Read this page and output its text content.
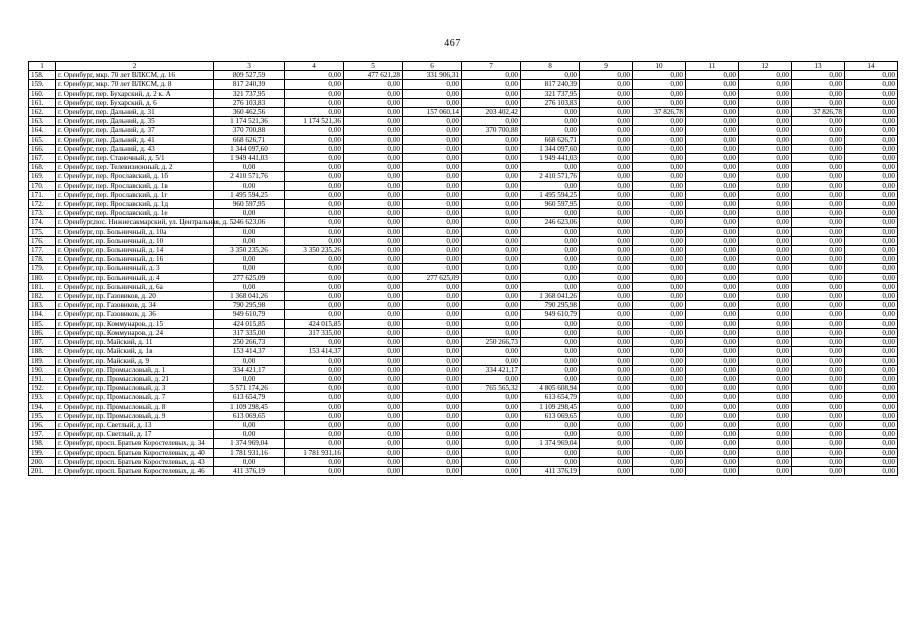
467
1	2	3	4	5	6	7	8	9	10	11	12	13	14
158.	г. Оренбург, мкр. 70 лет ВЛКСМ, д. 16	809 527,59	0,00	477 621,28	331 906,31	0,00	0,00	0,00	0,00	0,00	0,00	0,00	0,00
159.	г. Оренбург, мкр. 70 лет ВЛКСМ, д. 8	817 240,39	0,00	0,00	0,00	0,00	817 240,39	0,00	0,00	0,00	0,00	0,00	0,00
160.	г. Оренбург, пер. Бухарский, д. 2 к. А	321 737,95	0,00	0,00	0,00	0,00	321 737,95	0,00	0,00	0,00	0,00	0,00	0,00
161.	г. Оренбург, пер. Бухарский, д. 6	276 103,83	0,00	0,00	0,00	0,00	276 103,83	0,00	0,00	0,00	0,00	0,00	0,00
162.	г. Оренбург, пер. Дальний, д. 31	360 462,56	0,00	0,00	157 060,14	203 402,42	0,00	0,00	37 826,78	0,00	0,00	37 826,78	0,00
163.	г. Оренбург, пер. Дальний, д. 35	1 174 521,36	1 174 521,36	0,00	0,00	0,00	0,00	0,00	0,00	0,00	0,00	0,00	0,00
164.	г. Оренбург, пер. Дальний, д. 37	370 700,88	0,00	0,00	0,00	370 700,88	0,00	0,00	0,00	0,00	0,00	0,00	0,00
165.	г. Оренбург, пер. Дальний, д. 41	668 626,71	0,00	0,00	0,00	0,00	668 626,71	0,00	0,00	0,00	0,00	0,00	0,00
166.	г. Оренбург, пер. Дальний, д. 43	1 344 097,60	0,00	0,00	0,00	0,00	1 344 097,60	0,00	0,00	0,00	0,00	0,00	0,00
167.	г. Оренбург, пер. Станочный, д. 5/1	1 949 441,03	0,00	0,00	0,00	0,00	1 949 441,03	0,00	0,00	0,00	0,00	0,00	0,00
168.	г. Оренбург, пер. Телевизионный, д. 2	0,00	0,00	0,00	0,00	0,00	0,00	0,00	0,00	0,00	0,00	0,00	0,00
169.	г. Оренбург, пер. Ярославский, д. 1б	2 410 571,76	0,00	0,00	0,00	0,00	2 410 571,76	0,00	0,00	0,00	0,00	0,00	0,00
170.	г. Оренбург, пер. Ярославский, д. 1в	0,00	0,00	0,00	0,00	0,00	0,00	0,00	0,00	0,00	0,00	0,00	0,00
171.	г. Оренбург, пер. Ярославский, д. 1г	1 495 594,25	0,00	0,00	0,00	0,00	1 495 594,25	0,00	0,00	0,00	0,00	0,00	0,00
172.	г. Оренбург, пер. Ярославский, д. 1д	960 597,95	0,00	0,00	0,00	0,00	960 597,95	0,00	0,00	0,00	0,00	0,00	0,00
173.	г. Оренбург, пер. Ярославский, д. 1е	0,00	0,00	0,00	0,00	0,00	0,00	0,00	0,00	0,00	0,00	0,00	0,00
174.	г. Оренбург,пос. Нижнесакмарский, ул. Центральная, д. 5	246 623,06	0,00	0,00	0,00	0,00	246 623,06	0,00	0,00	0,00	0,00	0,00	0,00
175.	г. Оренбург, пр. Больничный, д. 10а	0,00	0,00	0,00	0,00	0,00	0,00	0,00	0,00	0,00	0,00	0,00	0,00
176.	г. Оренбург, пр. Больничный, д. 10	0,00	0,00	0,00	0,00	0,00	0,00	0,00	0,00	0,00	0,00	0,00	0,00
177.	г. Оренбург, пр. Больничный, д. 14	3 350 235,26	3 350 235,26	0,00	0,00	0,00	0,00	0,00	0,00	0,00	0,00	0,00	0,00
178.	г. Оренбург, пр. Больничный, д. 16	0,00	0,00	0,00	0,00	0,00	0,00	0,00	0,00	0,00	0,00	0,00	0,00
179.	г. Оренбург, пр. Больничный, д. 3	0,00	0,00	0,00	0,00	0,00	0,00	0,00	0,00	0,00	0,00	0,00	0,00
180.	г. Оренбург, пр. Больничный, д. 4	277 625,09	0,00	0,00	277 625,09	0,00	0,00	0,00	0,00	0,00	0,00	0,00	0,00
181.	г. Оренбург, пр. Больничный, д. 6а	0,00	0,00	0,00	0,00	0,00	0,00	0,00	0,00	0,00	0,00	0,00	0,00
182.	г. Оренбург, пр. Газовиков, д. 20	1 368 041,26	0,00	0,00	0,00	0,00	1 368 041,26	0,00	0,00	0,00	0,00	0,00	0,00
183.	г. Оренбург, пр. Газовиков, д. 34	790 295,98	0,00	0,00	0,00	0,00	790 295,98	0,00	0,00	0,00	0,00	0,00	0,00
184.	г. Оренбург, пр. Газовиков, д. 36	949 610,79	0,00	0,00	0,00	0,00	949 610,79	0,00	0,00	0,00	0,00	0,00	0,00
185.	г. Оренбург, пр. Коммунаров, д. 15	424 015,85	424 015,85	0,00	0,00	0,00	0,00	0,00	0,00	0,00	0,00	0,00	0,00
186.	г. Оренбург, пр. Коммунаров, д. 24	317 335,00	317 335,00	0,00	0,00	0,00	0,00	0,00	0,00	0,00	0,00	0,00	0,00
187.	г. Оренбург, пр. Майский, д. 11	250 266,73	0,00	0,00	0,00	250 266,73	0,00	0,00	0,00	0,00	0,00	0,00	0,00
188.	г. Оренбург, пр. Майский, д. 1в	153 414,37	153 414,37	0,00	0,00	0,00	0,00	0,00	0,00	0,00	0,00	0,00	0,00
189.	г. Оренбург, пр. Майский, д. 9	0,00	0,00	0,00	0,00	0,00	0,00	0,00	0,00	0,00	0,00	0,00	0,00
190.	г. Оренбург, пр. Промысловый, д. 1	334 421,17	0,00	0,00	0,00	334 421,17	0,00	0,00	0,00	0,00	0,00	0,00	0,00
191.	г. Оренбург, пр. Промысловый, д. 21	0,00	0,00	0,00	0,00	0,00	0,00	0,00	0,00	0,00	0,00	0,00	0,00
192.	г. Оренбург, пр. Промысловый, д. 3	5 571 174,26	0,00	0,00	0,00	765 565,32	4 805 608,94	0,00	0,00	0,00	0,00	0,00	0,00
193.	г. Оренбург, пр. Промысловый, д. 7	613 654,79	0,00	0,00	0,00	0,00	613 654,79	0,00	0,00	0,00	0,00	0,00	0,00
194.	г. Оренбург, пр. Промысловый, д. 8	1 109 298,45	0,00	0,00	0,00	0,00	1 109 298,45	0,00	0,00	0,00	0,00	0,00	0,00
195.	г. Оренбург, пр. Промысловый, д. 9	613 069,65	0,00	0,00	0,00	0,00	613 069,65	0,00	0,00	0,00	0,00	0,00	0,00
196.	г. Оренбург, пр. Светлый, д. 13	0,00	0,00	0,00	0,00	0,00	0,00	0,00	0,00	0,00	0,00	0,00	0,00
197.	г. Оренбург, пр. Светлый, д. 17	0,00	0,00	0,00	0,00	0,00	0,00	0,00	0,00	0,00	0,00	0,00	0,00
198.	г. Оренбург, просп. Братьев Коростелевых, д. 34	1 374 969,04	0,00	0,00	0,00	0,00	1 374 969,04	0,00	0,00	0,00	0,00	0,00	0,00
199.	г. Оренбург, просп. Братьев Коростелевых, д. 40	1 781 931,16	1 781 931,16	0,00	0,00	0,00	0,00	0,00	0,00	0,00	0,00	0,00	0,00
200.	г. Оренбург, просп. Братьев Коростелевых, д. 43	0,00	0,00	0,00	0,00	0,00	0,00	0,00	0,00	0,00	0,00	0,00	0,00
201.	г. Оренбург, просп. Братьев Коростелевых, д. 46	411 376,19	0,00	0,00	0,00	0,00	411 376,19	0,00	0,00	0,00	0,00	0,00	0,00
